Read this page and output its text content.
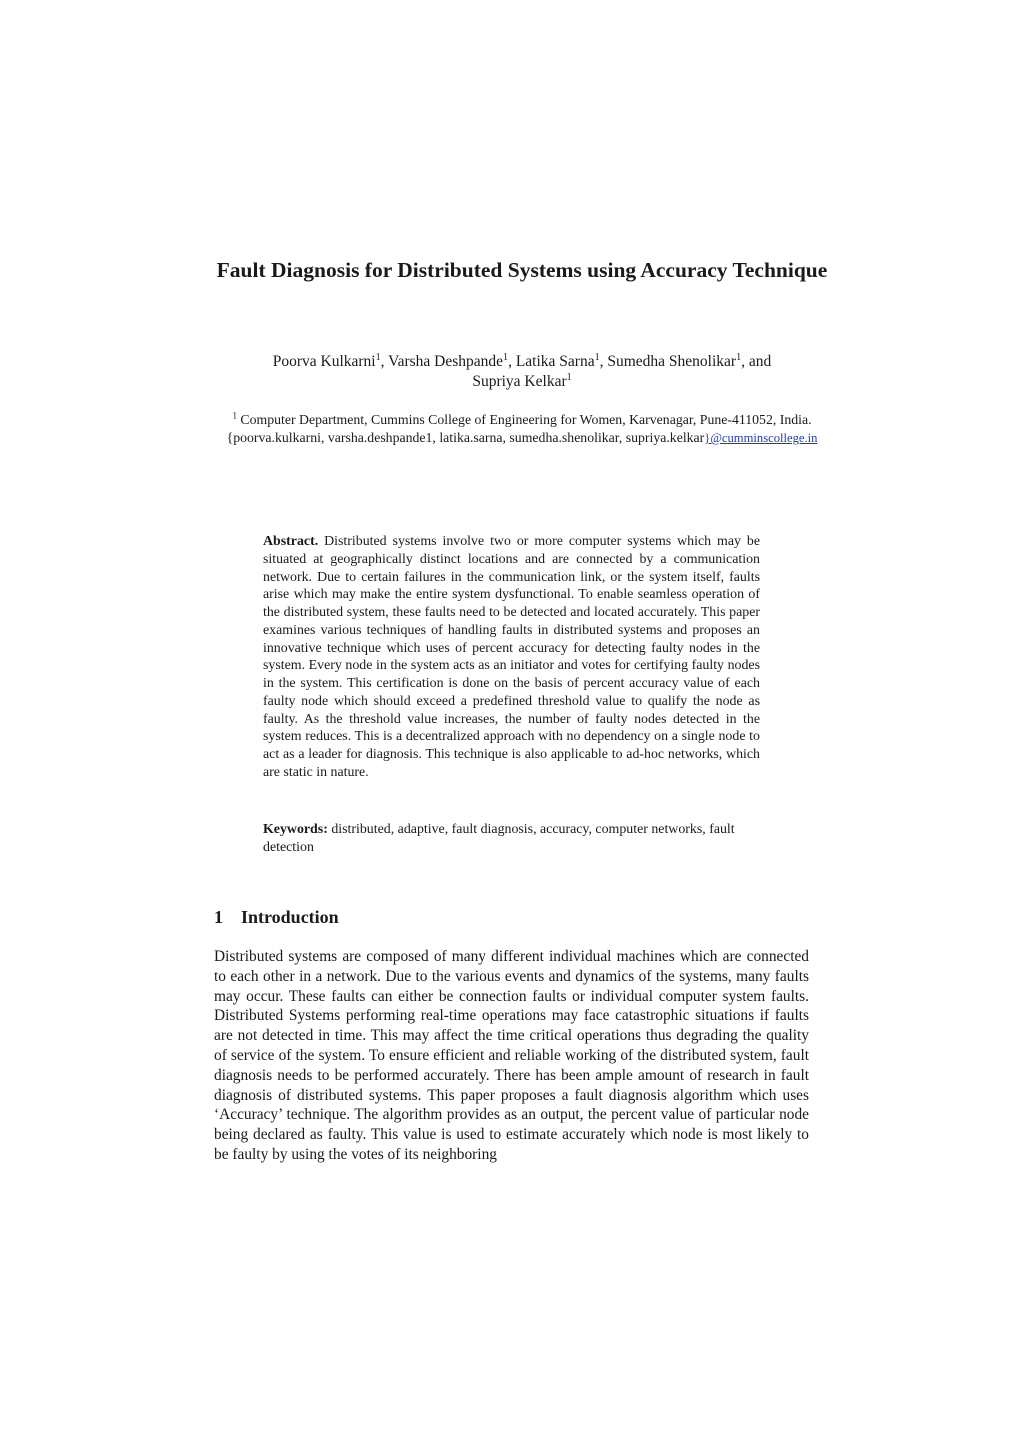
Fault Diagnosis for Distributed Systems using Accuracy Technique

Poorva Kulkarni$^1$, Varsha Deshpande$^1$, Latika Sarna$^1$, Sumedha Shenolikar$^1$, and
Supriya Kelkar$^1$

$^1$ Computer Department, Cummins College of Engineering for Women, Karvenagar, Pune-411052, India.
{poorva.kulkarni, varsha.deshpande1, latika.sarna, sumedha.shenolikar, supriya.kelkar}@cumminscollege.in

Abstract. Distributed systems involve two or more computer systems which may be situated at geographically distinct locations and are connected by a communication network. Due to certain failures in the communication link, or the system itself, faults arise which may make the entire system dysfunctional. To enable seamless operation of the distributed system, these faults need to be detected and located accurately. This paper examines various techniques of handling faults in distributed systems and proposes an innovative technique which uses of percent accuracy for detecting faulty nodes in the system. Every node in the system acts as an initiator and votes for certifying faulty nodes in the system. This certification is done on the basis of percent accuracy value of each faulty node which should exceed a predefined threshold value to qualify the node as faulty. As the threshold value increases, the number of faulty nodes detected in the system reduces. This is a decentralized approach with no dependency on a single node to act as a leader for diagnosis. This technique is also applicable to ad-hoc networks, which are static in nature.

Keywords: distributed, adaptive, fault diagnosis, accuracy, computer networks, fault detection

1 Introduction

Distributed systems are composed of many different individual machines which are connected to each other in a network. Due to the various events and dynamics of the systems, many faults may occur. These faults can either be connection faults or individual computer system faults. Distributed Systems performing real-time operations may face catastrophic situations if faults are not detected in time. This may affect the time critical operations thus degrading the quality of service of the system. To ensure efficient and reliable working of the distributed system, fault diagnosis needs to be performed accurately. There has been ample amount of research in fault diagnosis of distributed systems. This paper proposes a fault diagnosis algorithm which uses ‘Accuracy’ technique. The algorithm provides as an output, the percent value of particular node being declared as faulty. This value is used to estimate accurately which node is most likely to be faulty by using the votes of its neighboring
